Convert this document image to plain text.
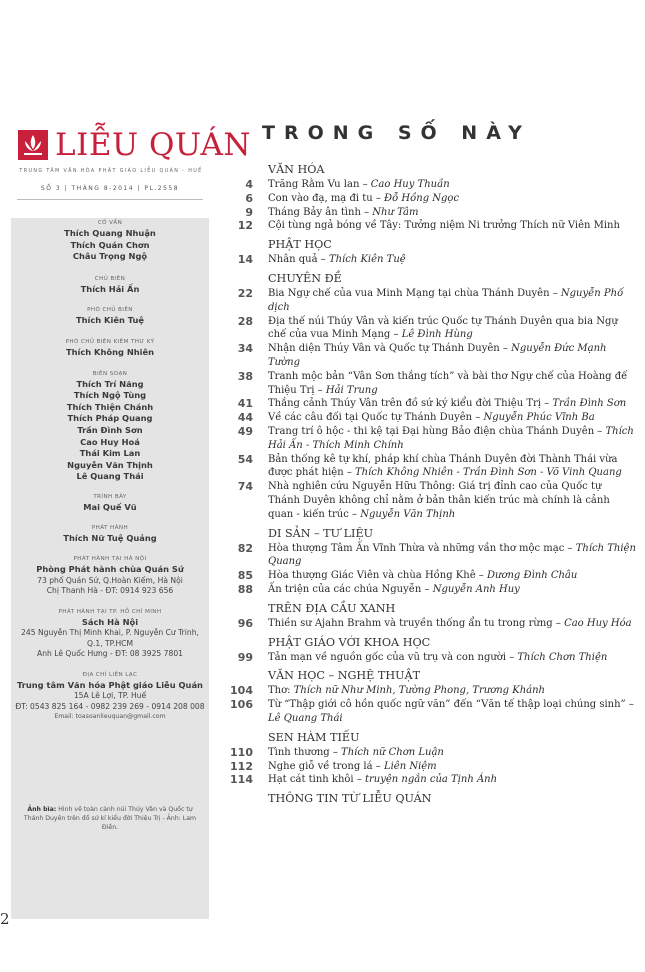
LIỄU QUÁN
TRUNG TÂM VĂN HÓA PHẬT GIÁO LIỄU QUÁN - HUẾ
SỐ 3 | THÁNG 8-2014 | PL.2558
CỐ VẤN
Thích Quang Nhuận
Thích Quán Chơn
Châu Trọng Ngộ
CHỦ BIÊN
Thích Hải Ấn
PHÓ CHỦ BIÊN
Thích Kiên Tuệ
PHÓ CHỦ BIÊN KIÊM THƯ KÝ
Thích Không Nhiên
BIÊN SOẠN
Thích Trí Năng
Thích Ngộ Tùng
Thích Thiện Chánh
Thích Pháp Quang
Trần Đình Sơn
Cao Huy Hoá
Thái Kim Lan
Nguyễn Văn Thịnh
Lê Quang Thái
TRÌNH BÀY
Mai Quế Vũ
PHÁT HÀNH
Thích Nữ Tuệ Quảng
PHÁT HÀNH TẠI HÀ NỘI
Phòng Phát hành chùa Quán Sứ
73 phố Quán Sứ, Q.Hoàn Kiếm, Hà Nội
Chị Thanh Hà - ĐT: 0914 923 656
PHÁT HÀNH TẠI TP. HỒ CHÍ MINH
Sách Hà Nội
245 Nguyễn Thị Minh Khai, P. Nguyễn Cư Trinh,
Q.1, TP.HCM
Anh Lê Quốc Hưng - ĐT: 08 3925 7801
ĐỊA CHỈ LIÊN LẠC
Trung tâm Văn hóa Phật giáo Liễu Quán
15A Lê Lợi, TP. Huế
ĐT: 0543 825 164 - 0982 239 269 - 0914 208 008
Email: toasoanlieuquan@gmail.com
Ảnh bìa: Hình vẽ toàn cảnh núi Thúy Vân và Quốc tự Thánh Duyên trên đồ sứ kí kiểu đời Thiệu Trị - Ảnh: Lam Điền.
2
TRONG SỐ NÀY
VĂN HÓA
4 Trăng Rằm Vu lan – Cao Huy Thuần
6 Con vào đạ, mạ đi tu – Đỗ Hồng Ngọc
9 Tháng Bảy ân tình – Như Tâm
12 Cội tùng ngả bóng về Tây: Tưởng niệm Ni trưởng Thích nữ Viên Minh
PHẬT HỌC
14 Nhân quả – Thích Kiên Tuệ
CHUYÊN ĐỀ
22 Bia Ngự chế của vua Minh Mạng tại chùa Thánh Duyên – Nguyễn Phố dịch
28 Địa thế núi Thúy Vân và kiến trúc Quốc tự Thánh Duyên qua bia Ngự chế của vua Minh Mạng – Lê Đình Hùng
34 Nhận diện Thúy Vân và Quốc tự Thánh Duyên – Nguyễn Đức Mạnh Tường
38 Tranh mộc bản “Vân Sơn thắng tích” và bài thơ Ngự chế của Hoàng đế Thiệu Trị – Hải Trung
41 Thắng cảnh Thúy Vân trên đồ sứ ký kiểu đời Thiệu Trị – Trần Đình Sơn
44 Về các câu đối tại Quốc tự Thánh Duyên – Nguyễn Phúc Vĩnh Ba
49 Trang trí ô hộc - thi kệ tại Đại hùng Bảo điện chùa Thánh Duyên – Thích Hải Ấn - Thích Minh Chính
54 Bản thống kê tự khí, pháp khí chùa Thánh Duyên đời Thành Thái vừa được phát hiện – Thích Không Nhiên - Trần Đình Sơn - Võ Vinh Quang
74 Nhà nghiên cứu Nguyễn Hữu Thông: Giá trị đỉnh cao của Quốc tự Thánh Duyên không chỉ nằm ở bản thân kiến trúc mà chính là cảnh quan - kiến trúc – Nguyễn Văn Thịnh
DI SẢN – TƯ LIỆU
82 Hòa thượng Tâm Ấn Vĩnh Thừa và những vần thơ mộc mạc – Thích Thiện Quang
85 Hòa thượng Giác Viên và chùa Hồng Khê – Dương Đình Châu
88 Ấn triện của các chúa Nguyễn – Nguyễn Anh Huy
TRÊN ĐỊA CẦU XANH
96 Thiền sư Ajahn Brahm và truyền thống ẩn tu trong rừng – Cao Huy Hóa
PHẬT GIÁO VỚI KHOA HỌC
99 Tản mạn về nguồn gốc của vũ trụ và con người – Thích Chơn Thiện
VĂN HỌC – NGHỆ THUẬT
104 Thơ: Thích nữ Như Minh, Tường Phong, Trương Khánh
106 Từ “Thập giới cô hồn quốc ngữ văn” đến “Văn tế thập loại chúng sinh” – Lê Quang Thái
SEN HÀM TIẾU
110 Tình thương – Thích nữ Chơn Luận
112 Nghe giỗ về trong lá – Liên Niệm
114 Hạt cát tinh khôi – truyện ngắn của Tịnh Ánh
THÔNG TIN TỪ LIỄU QUÁN
